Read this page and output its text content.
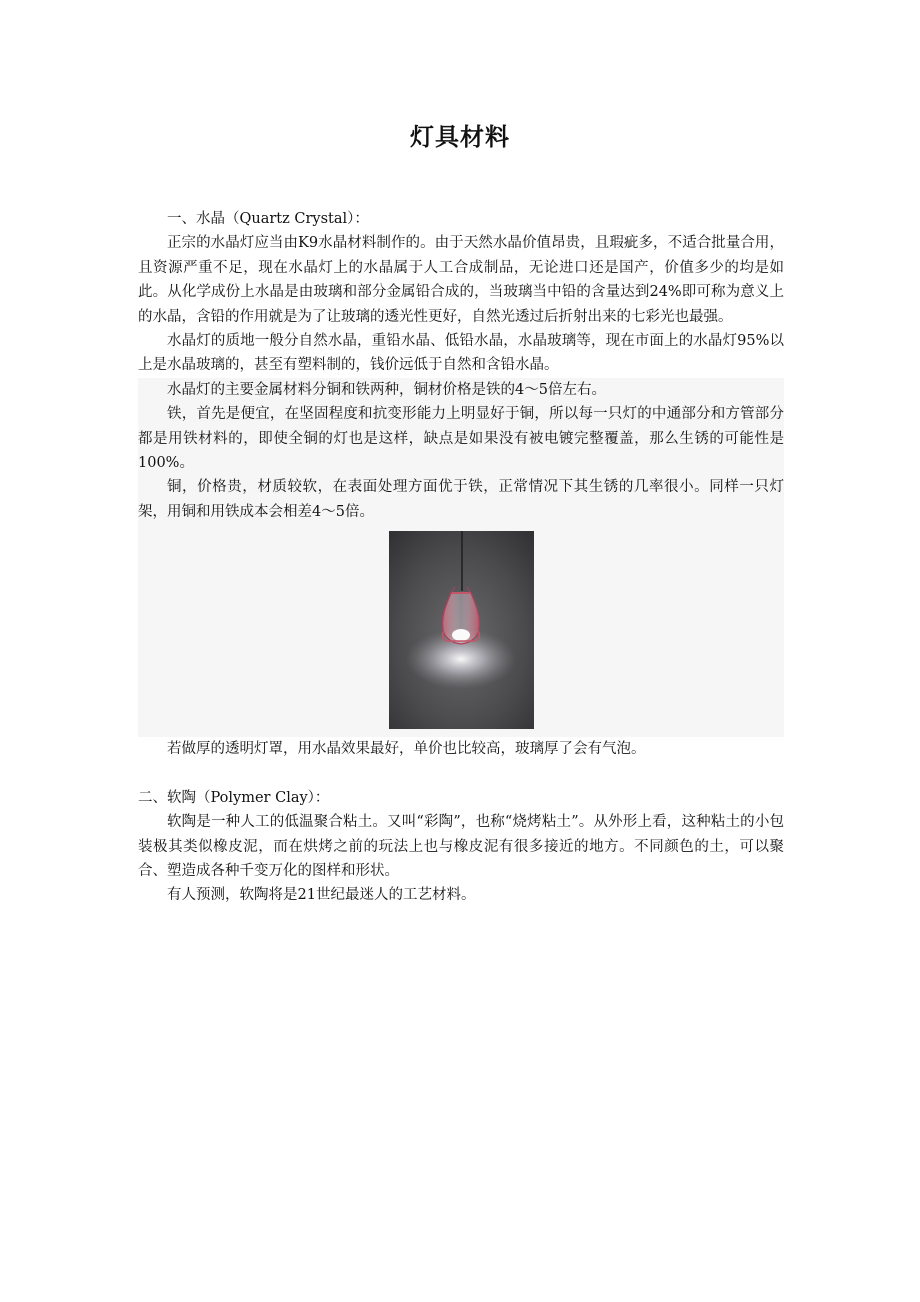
灯具材料

一、水晶（Quartz Crystal）：

正宗的水晶灯应当由K9水晶材料制作的。由于天然水晶价值昂贵，且瑕疵多，不适合批量合用，且资源严重不足，现在水晶灯上的水晶属于人工合成制品，无论进口还是国产，价值多少的均是如此。从化学成份上水晶是由玻璃和部分金属铅合成的，当玻璃当中铅的含量达到24%即可称为意义上的水晶，含铅的作用就是为了让玻璃的透光性更好，自然光透过后折射出来的七彩光也最强。

水晶灯的质地一般分自然水晶，重铅水晶、低铅水晶，水晶玻璃等，现在市面上的水晶灯95%以上是水晶玻璃的，甚至有塑料制的，钱价远低于自然和含铅水晶。

水晶灯的主要金属材料分铜和铁两种，铜材价格是铁的4～5倍左右。

铁，首先是便宜，在坚固程度和抗变形能力上明显好于铜，所以每一只灯的中通部分和方管部分都是用铁材料的，即使全铜的灯也是这样，缺点是如果没有被电镀完整覆盖，那么生锈的可能性是100%。

铜，价格贵，材质较软，在表面处理方面优于铁，正常情况下其生锈的几率很小。同样一只灯架，用铜和用铁成本会相差4～5倍。

若做厚的透明灯罩，用水晶效果最好，单价也比较高，玻璃厚了会有气泡。

二、软陶（Polymer Clay）：

软陶是一种人工的低温聚合粘土。又叫“彩陶”，也称“烧烤粘土”。从外形上看，这种粘土的小包装极其类似橡皮泥，而在烘烤之前的玩法上也与橡皮泥有很多接近的地方。不同颜色的土，可以聚合、塑造成各种千变万化的图样和形状。

有人预测，软陶将是21世纪最迷人的工艺材料。
